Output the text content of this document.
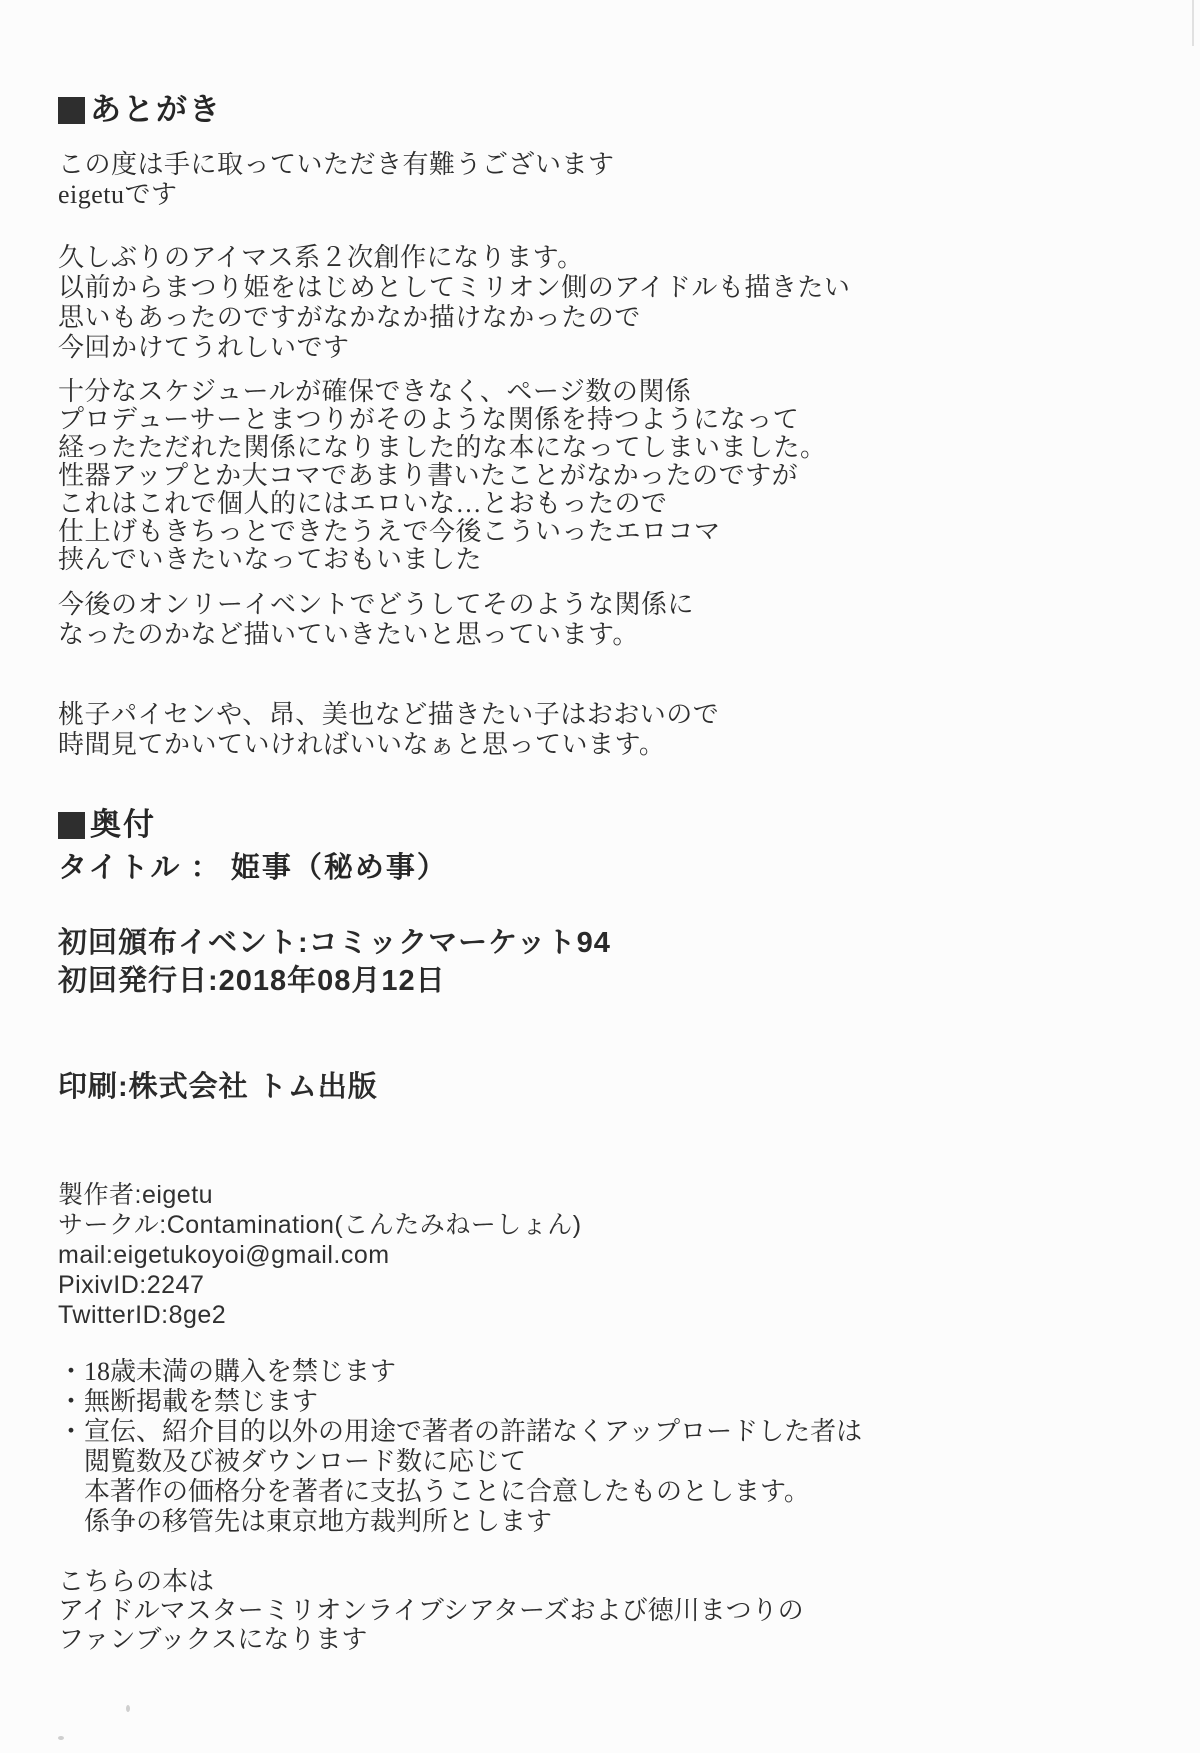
あとがき
この度は手に取っていただき有難うございます
eigetuです
久しぶりのアイマス系２次創作になります。
以前からまつり姫をはじめとしてミリオン側のアイドルも描きたい
思いもあったのですがなかなか描けなかったので
今回かけてうれしいです
十分なスケジュールが確保できなく、ページ数の関係
プロデューサーとまつりがそのような関係を持つようになって
経ったただれた関係になりました的な本になってしまいました。
性器アップとか大コマであまり書いたことがなかったのですが
これはこれで個人的にはエロいな…とおもったので
仕上げもきちっとできたうえで今後こういったエロコマ
挟んでいきたいなっておもいました
今後のオンリーイベントでどうしてそのような関係に
なったのかなど描いていきたいと思っています。
桃子パイセンや、昂、美也など描きたい子はおおいので
時間見てかいていければいいなぁと思っています。
奥付
タイトル ： 姫事（秘め事）
初回頒布イベント:コミックマーケット94
初回発行日:2018年08月12日
印刷:株式会社 トム出版
製作者:eigetu
サークル:Contamination(こんたみねーしょん)
mail:eigetukoyoi@gmail.com
PixivID:2247
TwitterID:8ge2
・18歳未満の購入を禁じます
・無断掲載を禁じます
・宣伝、紹介目的以外の用途で著者の許諾なくアップロードした者は
　閲覧数及び被ダウンロード数に応じて
　本著作の価格分を著者に支払うことに合意したものとします。
　係争の移管先は東京地方裁判所とします
こちらの本は
アイドルマスターミリオンライブシアターズおよび徳川まつりの
ファンブックスになります
